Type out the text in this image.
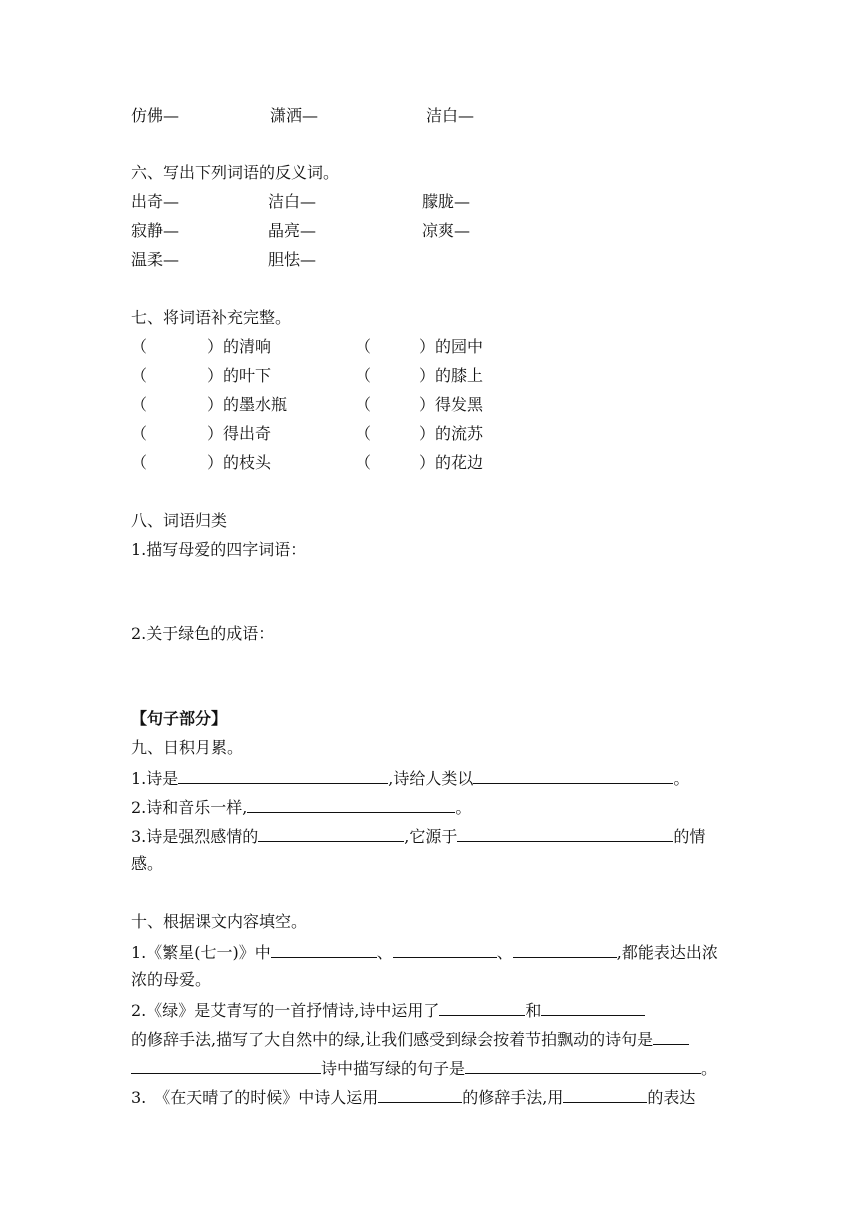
仿佛—	潇洒—	洁白—
六、写出下列词语的反义词。
出奇—	洁白—	朦胧—
寂静—	晶亮—	凉爽—
温柔—	胆怯—
七、将词语补充完整。
（	）的清响	（	）的园中
（	）的叶下	（	）的膝上
（	）的墨水瓶	（	）得发黑
（	）得出奇	（	）的流苏
（	）的枝头	（	）的花边
八、词语归类
1.描写母爱的四字词语：
2.关于绿色的成语：
【句子部分】
九、日积月累。
1.诗是	,诗给人类以	。
2.诗和音乐一样,	。
3.诗是强烈感情的	,它源于	的情
感。
十、根据课文内容填空。
1.《繁星(七一)》中	、	、	,都能表达出浓
浓的母爱。
2.《绿》是艾青写的一首抒情诗,诗中运用了	和
的修辞手法,描写了大自然中的绿,让我们感受到绿会按着节拍飘动的诗句是
诗中描写绿的句子是	。
3. 《在天晴了的时候》中诗人运用	的修辞手法,用	的表达
